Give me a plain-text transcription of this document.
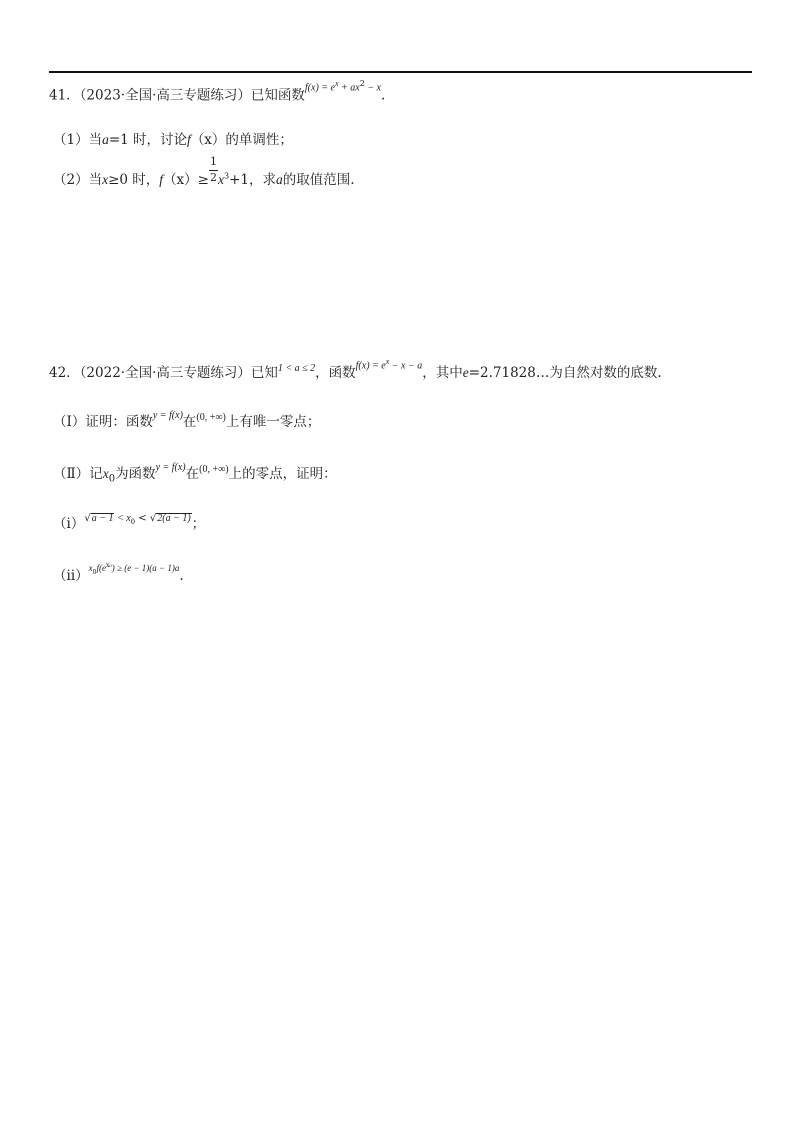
41．（2023·全国·高三专题练习）已知函数$f(x) = e^x + ax^2 - x$.
（1）当a=1 时，讨论f（x）的单调性；
（2）当x≥0 时，$f(x)\ge \frac{1}{2} x^3+1$，求a的取值范围.
42．（2022·全国·高三专题练习）已知1 < a ≤ 2，函数$f(x) = e^x - x - a$，其中e=2.71828…为自然对数的底数.
（Ⅰ）证明：函数y = f(x)在(0, +∞)上有唯一零点；
（Ⅱ）记$x_0$为函数y = f(x)在(0, +∞)上的零点，证明：
（ⅰ）√a − $1 < x_0 < √2(a - 1)$；
$(ⅱ)x_0f(e^{x_0}) \ge (e - 1)(a - 1)a$.
